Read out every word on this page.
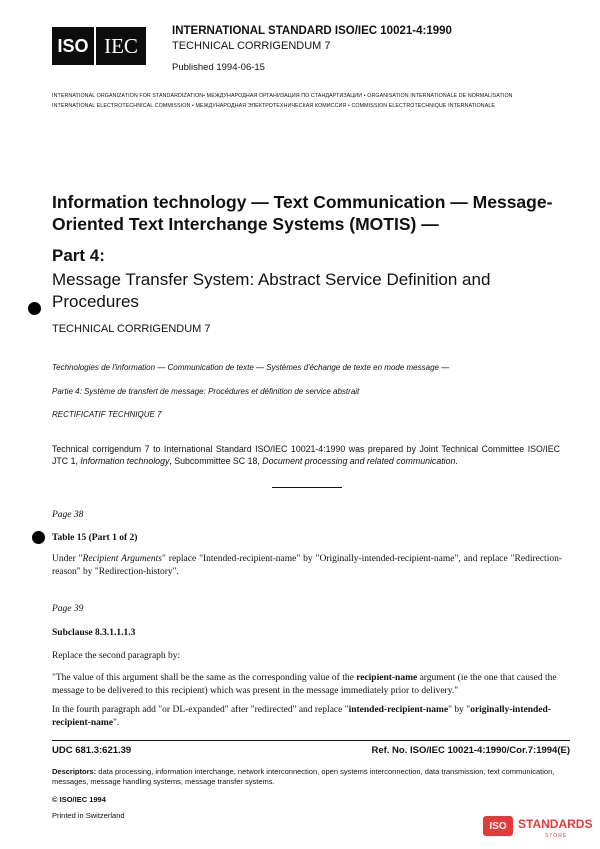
ISO IEC
INTERNATIONAL STANDARD ISO/IEC 10021-4:1990
TECHNICAL CORRIGENDUM 7
Published 1994-06-15
INTERNATIONAL ORGANIZATION FOR STANDARDIZATION• МЕЖДУНАРОДНАЯ ОРГАНИЗАЦИЯ ПО СТАНДАРТИЗАЦИИ • ORGANISATION INTERNATIONALE DE NORMALISATION
INTERNATIONAL ELECTROTECHNICAL COMMISSION • МЕЖДУНАРОДНАЯ ЭЛЕКТРОТЕХНИЧЕСКАЯ КОМИССИЯ • COMMISSION ELECTROTECHNIQUE INTERNATIONALE
Information technology — Text Communication — Message-
Oriented Text Interchange Systems (MOTIS) —
Part 4:
Message Transfer System: Abstract Service Definition and
Procedures
TECHNICAL CORRIGENDUM 7
Technologies de l'information — Communication de texte — Systèmes d'échange de texte en mode message —
Partie 4: Système de transfert de message: Procédures et définition de service abstrait
RECTIFICATIF TECHNIQUE 7
Technical corrigendum 7 to International Standard ISO/IEC 10021-4:1990 was prepared by Joint Technical Committee ISO/IEC JTC 1, Information technology, Subcommittee SC 18, Document processing and related communication.
Page 38
Table 15 (Part 1 of 2)
Under "Recipient Arguments" replace "Intended-recipient-name" by "Originally-intended-recipient-name", and replace "Redirection-reason" by "Redirection-history".
Page 39
Subclause 8.3.1.1.1.3
Replace the second paragraph by:
"The value of this argument shall be the same as the corresponding value of the recipient-name argument (ie the one that caused the message to be delivered to this recipient) which was present in the message immediately prior to delivery."
In the fourth paragraph add "or DL-expanded" after "redirected" and replace "intended-recipient-name" by "originally-intended-recipient-name".
UDC 681.3:621.39	Ref. No. ISO/IEC 10021-4:1990/Cor.7:1994(E)
Descriptors: data processing, information interchange, network interconnection, open systems interconnection, data transmission, text communication, messages, message handling systems, message transfer systems.
© ISO/IEC 1994
Printed in Switzerland
ISO STANDARDS
STORE
